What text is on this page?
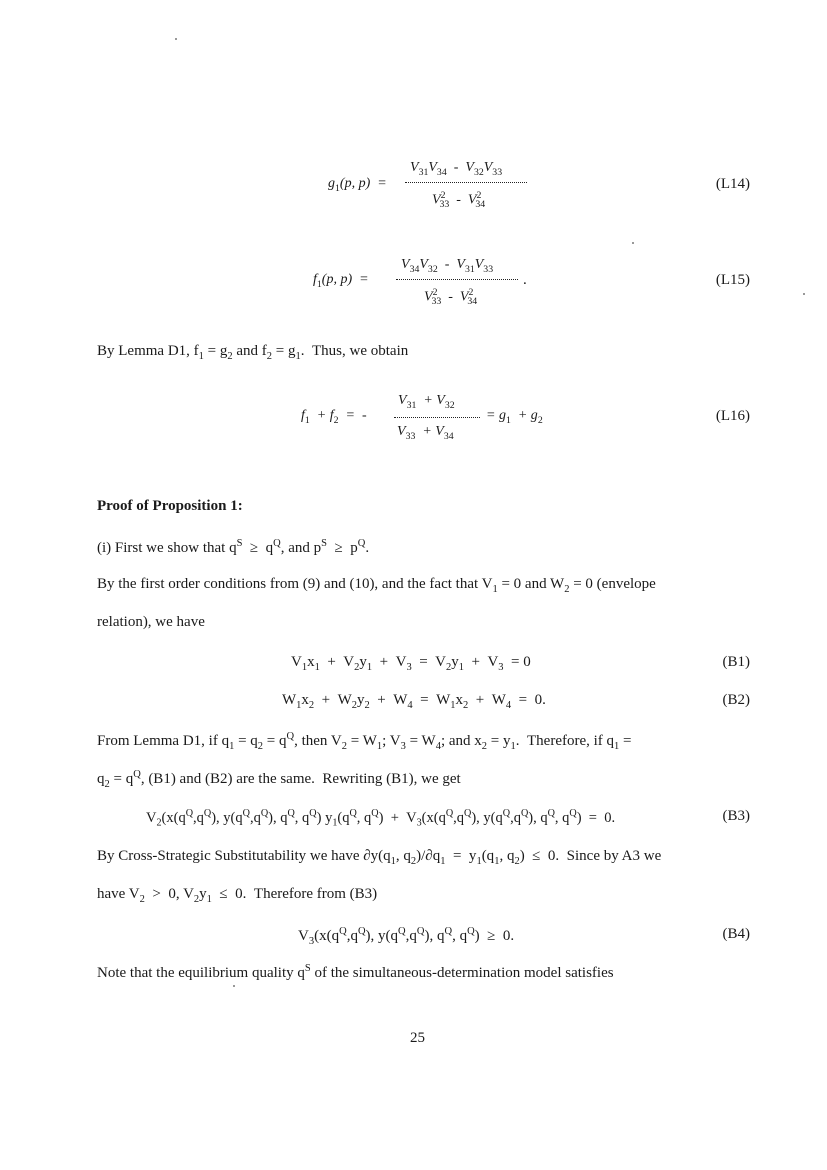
$g_1(p$, p)  =
$V_{31}V_{34} - V_{32}V_{33}$
$V^2_{33} - V^2_{34}$
(L14)
$f_1(p$, p)  =
$V_{34}V_{32} - V_{31}V_{33}$
$V^2_{33} - V^2_{34}$
.	(L15)
By Lemma D1, $f_1 = g_2$ and $f_2 = g_1$.  Thus, we obtain
$f_1 + f_2$  =  -
$V_{31} + V_{32}$
$V_{33} + V_{34}$
= $g_1 + g_2$	(L16)
Proof of Proposition 1:
(i) First we show that $q^S \ge q^Q$, and $p^S \ge p^Q$.
By the first order conditions from (9) and (10), and the fact that $V_1 = 0$ and $W_2 = 0$ (envelope
relation), we have
$V_1x_1 + V_2y_1 + V_3 = V_2y_1 + V_3 = 0$	(B1)
$W_1x_2 + W_2y_2 + W_4 = W_1x_2 + W_4 = 0$.	(B2)
From Lemma D1, if $q_1 = q_2 = q^Q$, then $V_2 = W_1$; $V_3 = W_4$; and $x_2 = y_1$.  Therefore, if $q_1$ =
$q_2 = q^Q$, (B1) and (B2) are the same.  Rewriting (B1), we get
$V_2(x(q^Q,q^Q)$, $y(q^Q,q^Q)$, $q^Q$, $q^Q$) $y_1(q^Q$, $q^Q) + V_3(x(q^Q,q^Q)$, $y(q^Q,q^Q)$, $q^Q$, $q^Q) = 0$.	(B3)
By Cross-Strategic Substitutability we have $\partial y(q_1$, $q_2)/\partial q_1 = y_1(q_1$, $q_2) \le 0$.  Since by A3 we
have $V_2 > 0$, $V_2y_1 \le 0$.  Therefore from (B3)
$V_3(x(q^Q,q^Q)$, $y(q^Q,q^Q)$, $q^Q$, $q^Q) \ge 0$.	(B4)
Note that the equilibrium quality $q^S$ of the simultaneous-determination model satisfies
25
